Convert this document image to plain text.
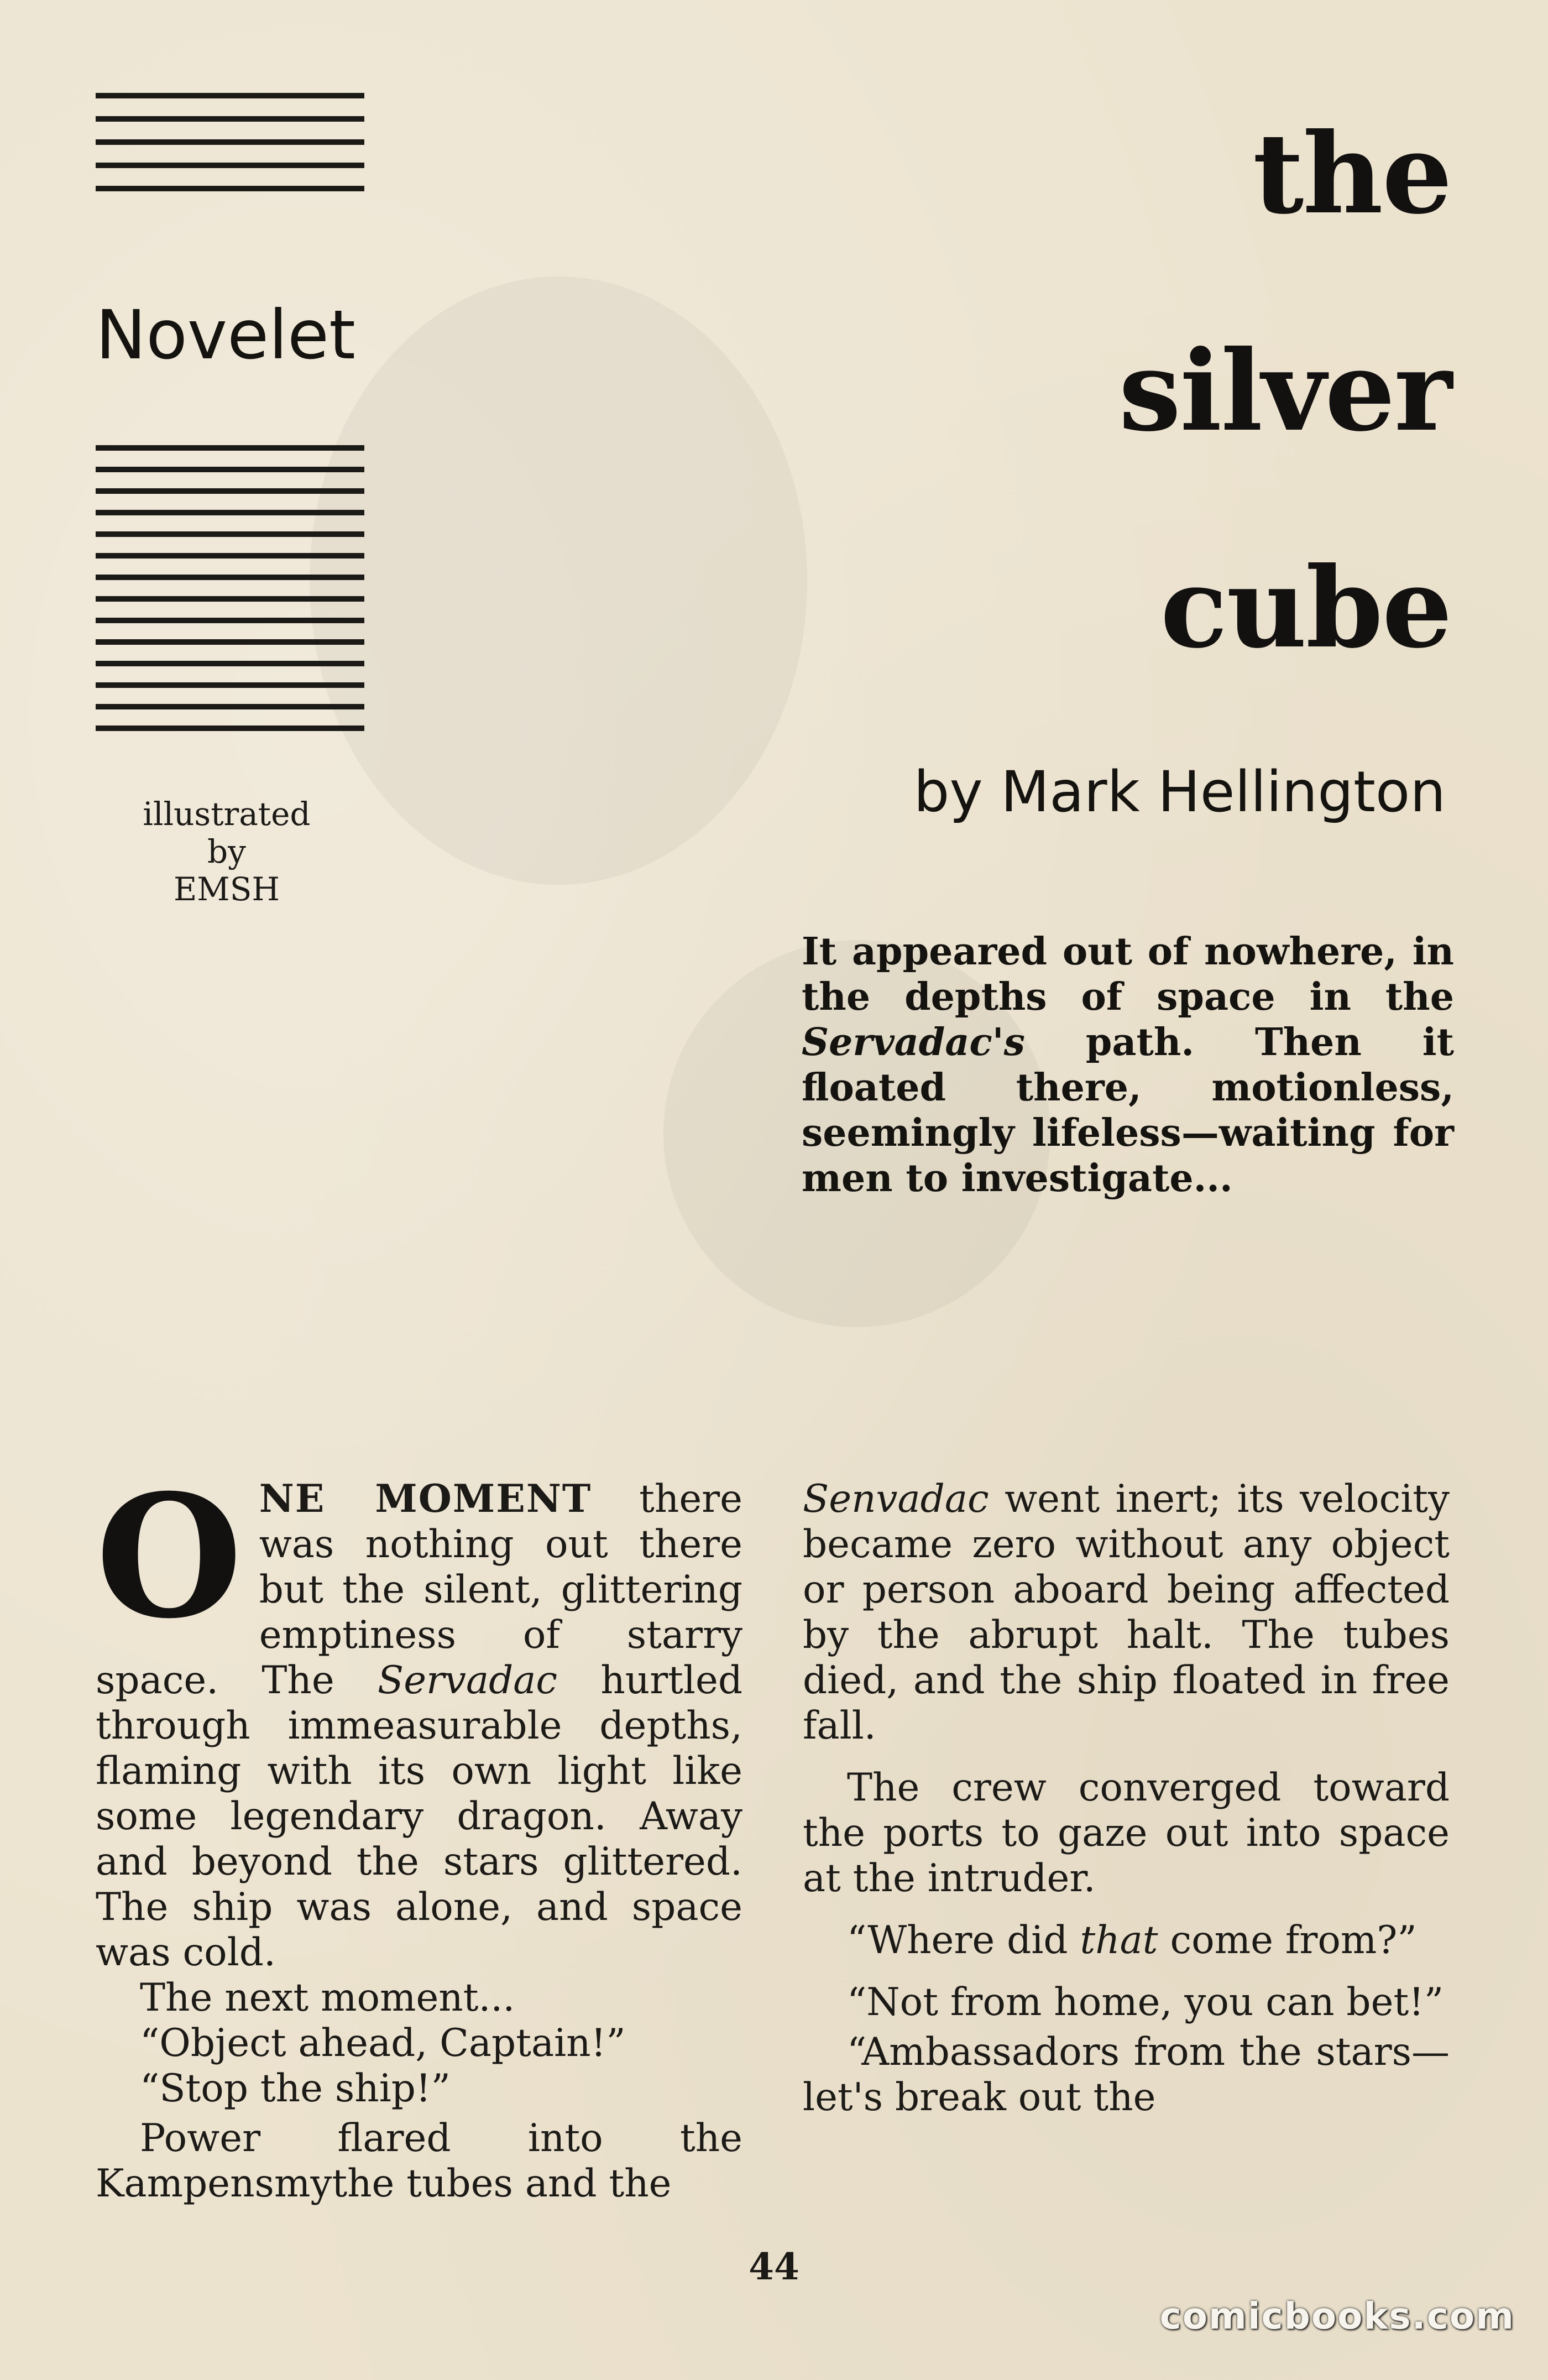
Novelet
illustrated
by
EMSH
the
silver
cube
by Mark Hellington
It appeared out of nowhere, in the depths of space in the Servadac's path. Then it floated there, motionless, seemingly lifeless—waiting for men to investigate...

ONE MOMENT there was nothing out there but the silent, glittering emptiness of starry space. The Servadac hurtled through immeasurable depths, flaming with its own light like some legendary dragon. Away and beyond the stars glittered. The ship was alone, and space was cold.

The next moment...

“Object ahead, Captain!”

“Stop the ship!”

Power flared into the Kampensmythe tubes and the

Senvadac went inert; its velocity became zero without any object or person aboard being affected by the abrupt halt. The tubes died, and the ship floated in free fall.

The crew converged toward the ports to gaze out into space at the intruder.

“Where did that come from?”

“Not from home, you can bet!”

“Ambassadors from the stars—let's break out the

44
comicbooks.com
